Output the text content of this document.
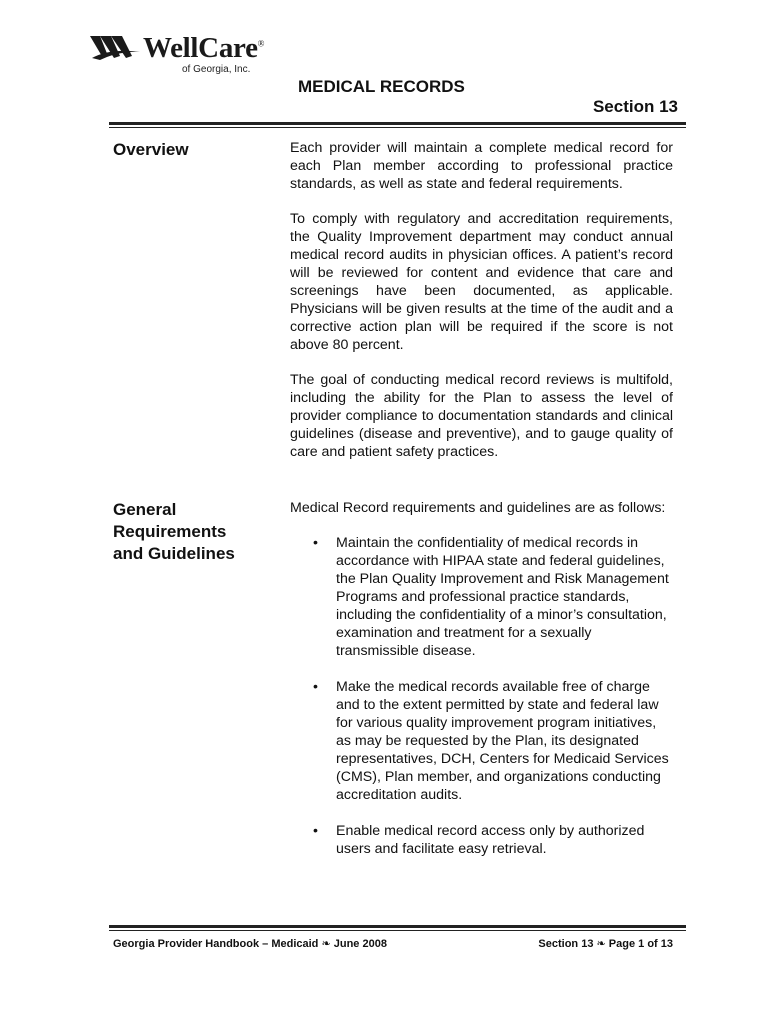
WellCare®
of Georgia, Inc.
MEDICAL RECORDS
Section 13
Overview	Each provider will maintain a complete medical record for each Plan member according to professional practice standards, as well as state and federal requirements.

To comply with regulatory and accreditation requirements, the Quality Improvement department may conduct annual medical record audits in physician offices. A patient’s record will be reviewed for content and evidence that care and screenings have been documented, as applicable. Physicians will be given results at the time of the audit and a corrective action plan will be required if the score is not above 80 percent.

The goal of conducting medical record reviews is multifold, including the ability for the Plan to assess the level of provider compliance to documentation standards and clinical guidelines (disease and preventive), and to gauge quality of care and patient safety practices.

General
Requirements
and Guidelines

Medical Record requirements and guidelines are as follows:

• Maintain the confidentiality of medical records in accordance with HIPAA state and federal guidelines, the Plan Quality Improvement and Risk Management Programs and professional practice standards, including the confidentiality of a minor’s consultation, examination and treatment for a sexually transmissible disease.
• Make the medical records available free of charge and to the extent permitted by state and federal law for various quality improvement program initiatives, as may be requested by the Plan, its designated representatives, DCH, Centers for Medicaid Services (CMS), Plan member, and organizations conducting accreditation audits.
• Enable medical record access only by authorized users and facilitate easy retrieval.
Georgia Provider Handbook – Medicaid ❧ June 2008	Section 13 ❧ Page 1 of 13
